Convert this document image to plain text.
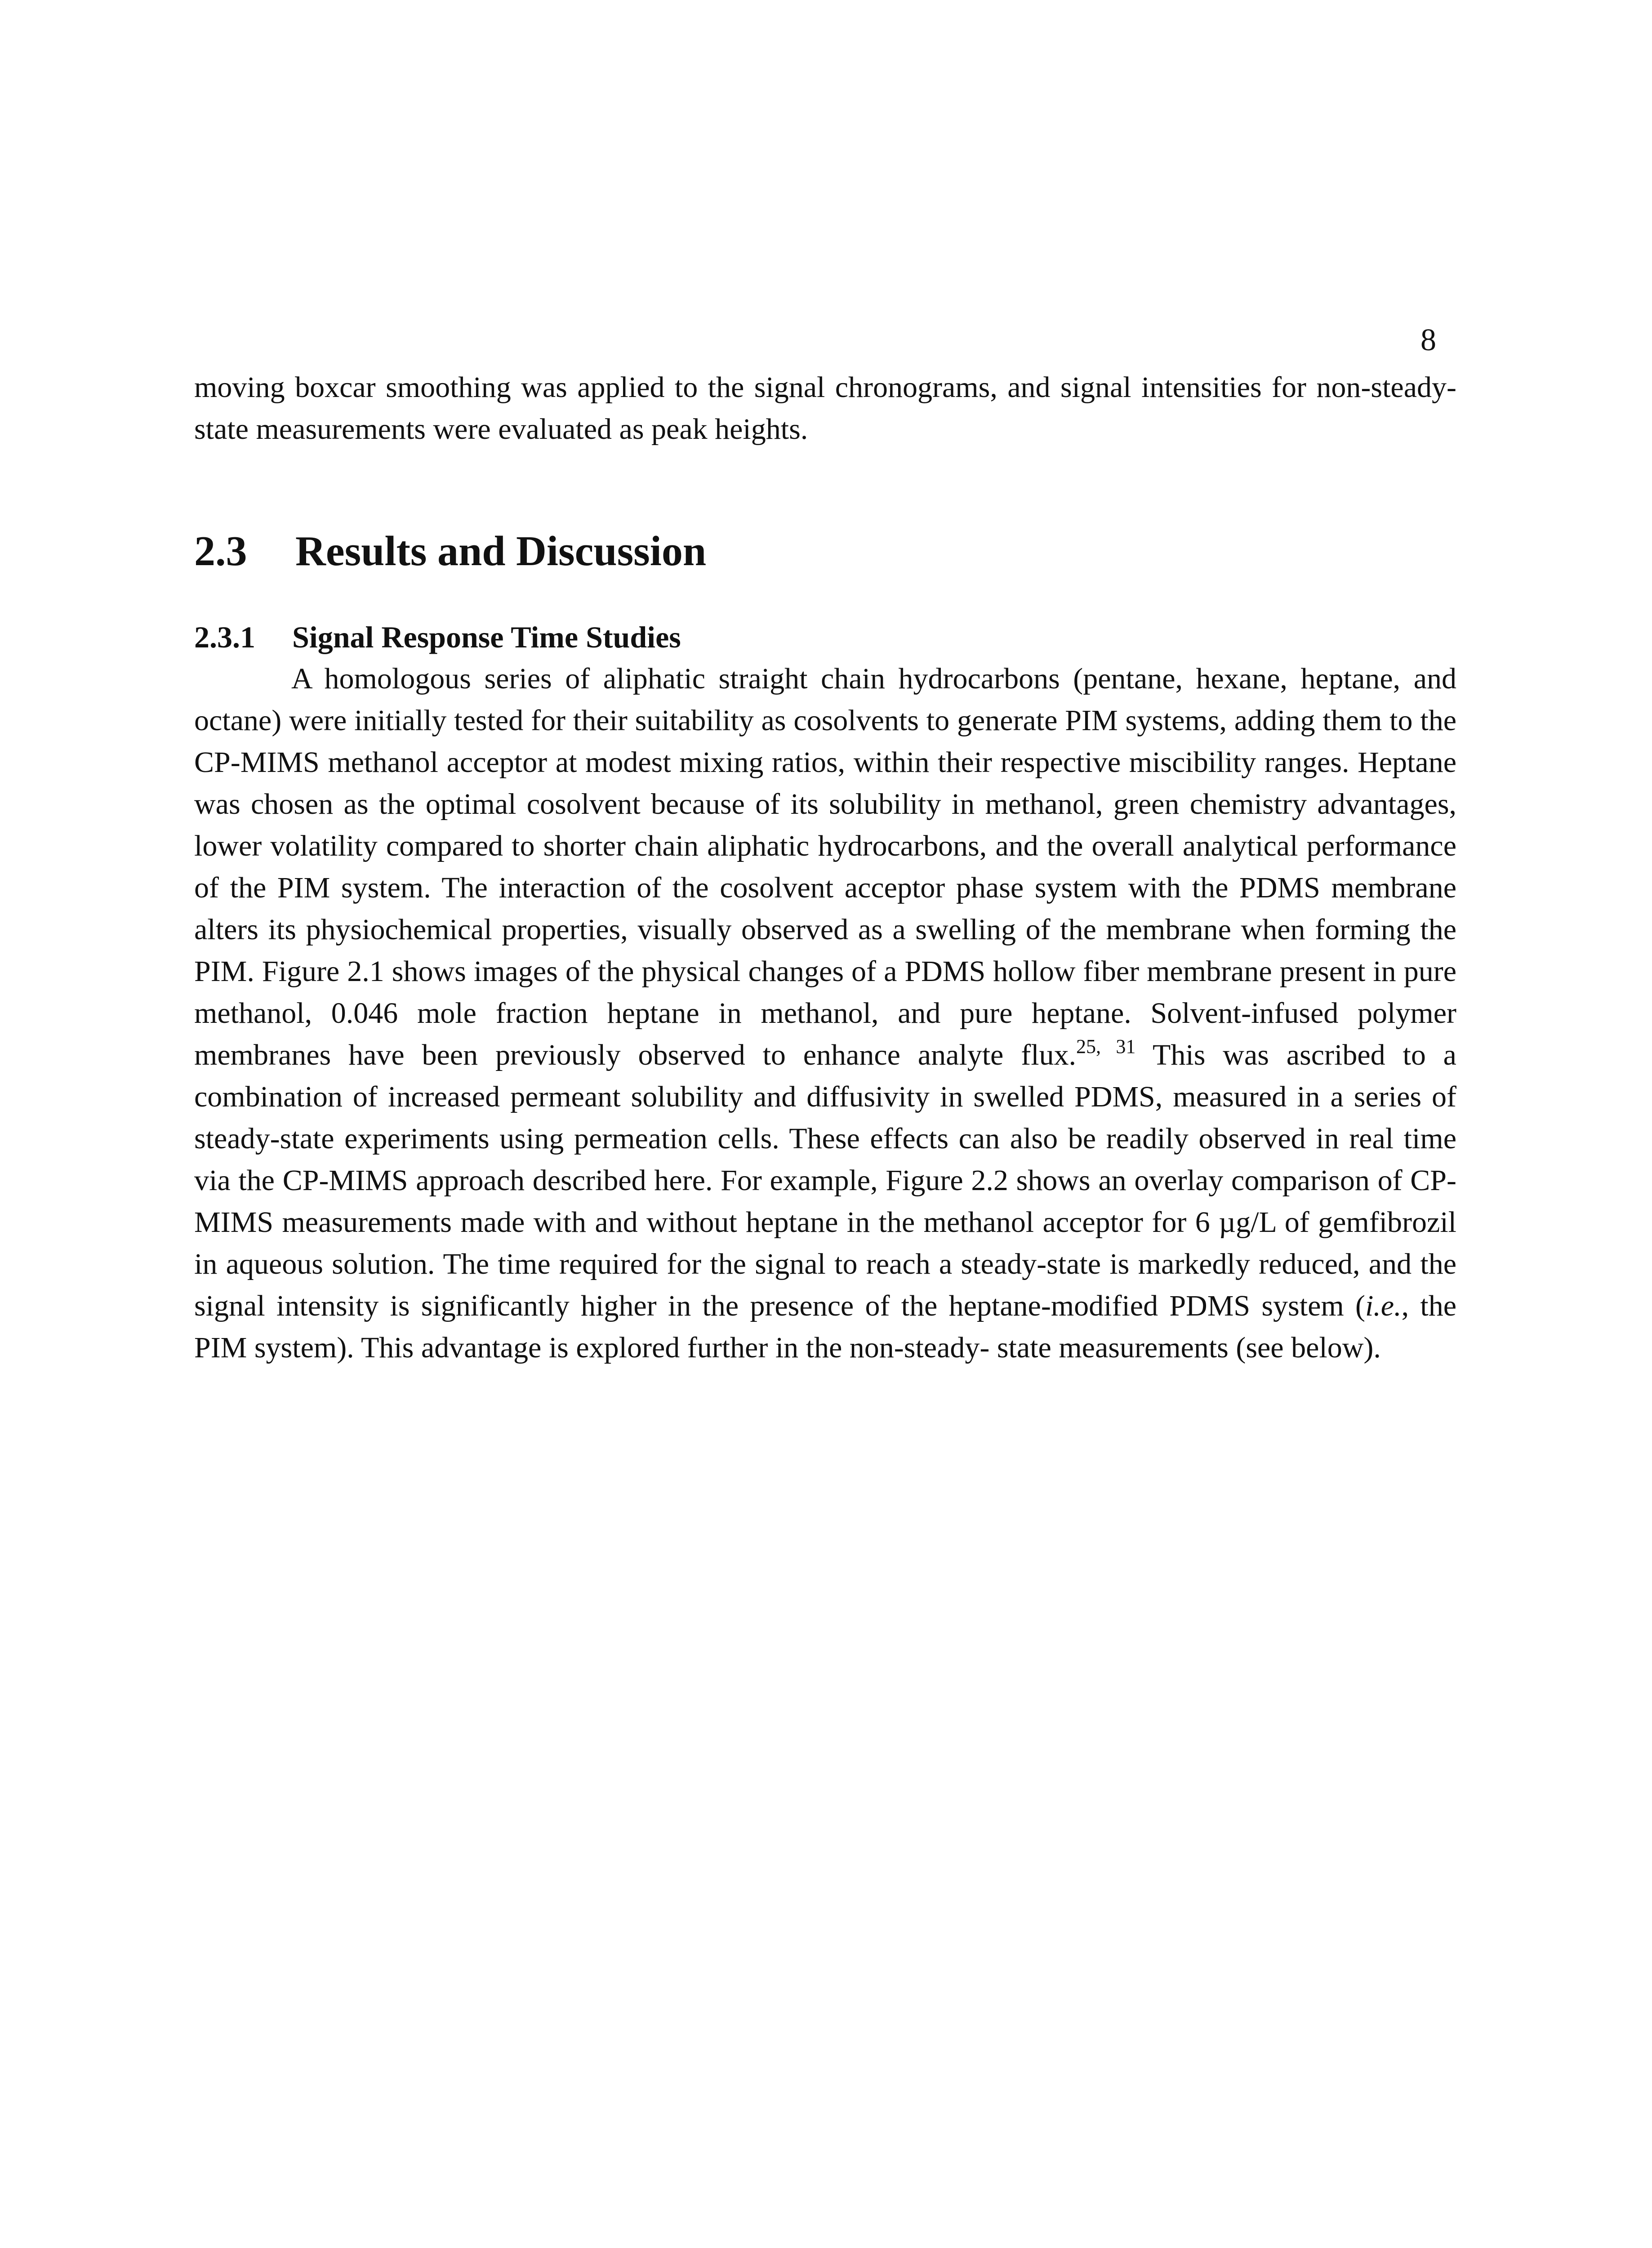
8

moving boxcar smoothing was applied to the signal chronograms, and signal intensities for non-steady-state measurements were evaluated as peak heights.

2.3 Results and Discussion
2.3.1 Signal Response Time Studies

A homologous series of aliphatic straight chain hydrocarbons (pentane, hexane, heptane, and octane) were initially tested for their suitability as cosolvents to generate PIM systems, adding them to the CP-MIMS methanol acceptor at modest mixing ratios, within their respective miscibility ranges. Heptane was chosen as the optimal cosolvent because of its solubility in methanol, green chemistry advantages, lower volatility compared to shorter chain aliphatic hydrocarbons, and the overall analytical performance of the PIM system. The interaction of the cosolvent acceptor phase system with the PDMS membrane alters its physiochemical properties, visually observed as a swelling of the membrane when forming the PIM. Figure 2.1 shows images of the physical changes of a PDMS hollow fiber membrane present in pure methanol, 0.046 mole fraction heptane in methanol, and pure heptane. Solvent-infused polymer membranes have been previously observed to enhance analyte flux.$^{25, 31}$ This was ascribed to a combination of increased permeant solubility and diffusivity in swelled PDMS, measured in a series of steady-state experiments using permeation cells. These effects can also be readily observed in real time via the CP-MIMS approach described here. For example, Figure 2.2 shows an overlay comparison of CP-MIMS measurements made with and without heptane in the methanol acceptor for 6 µg/L of gemfibrozil in aqueous solution. The time required for the signal to reach a steady-state is markedly reduced, and the signal intensity is significantly higher in the presence of the heptane-modified PDMS system (i.e., the PIM system). This advantage is explored further in the non-steady- state measurements (see below).
